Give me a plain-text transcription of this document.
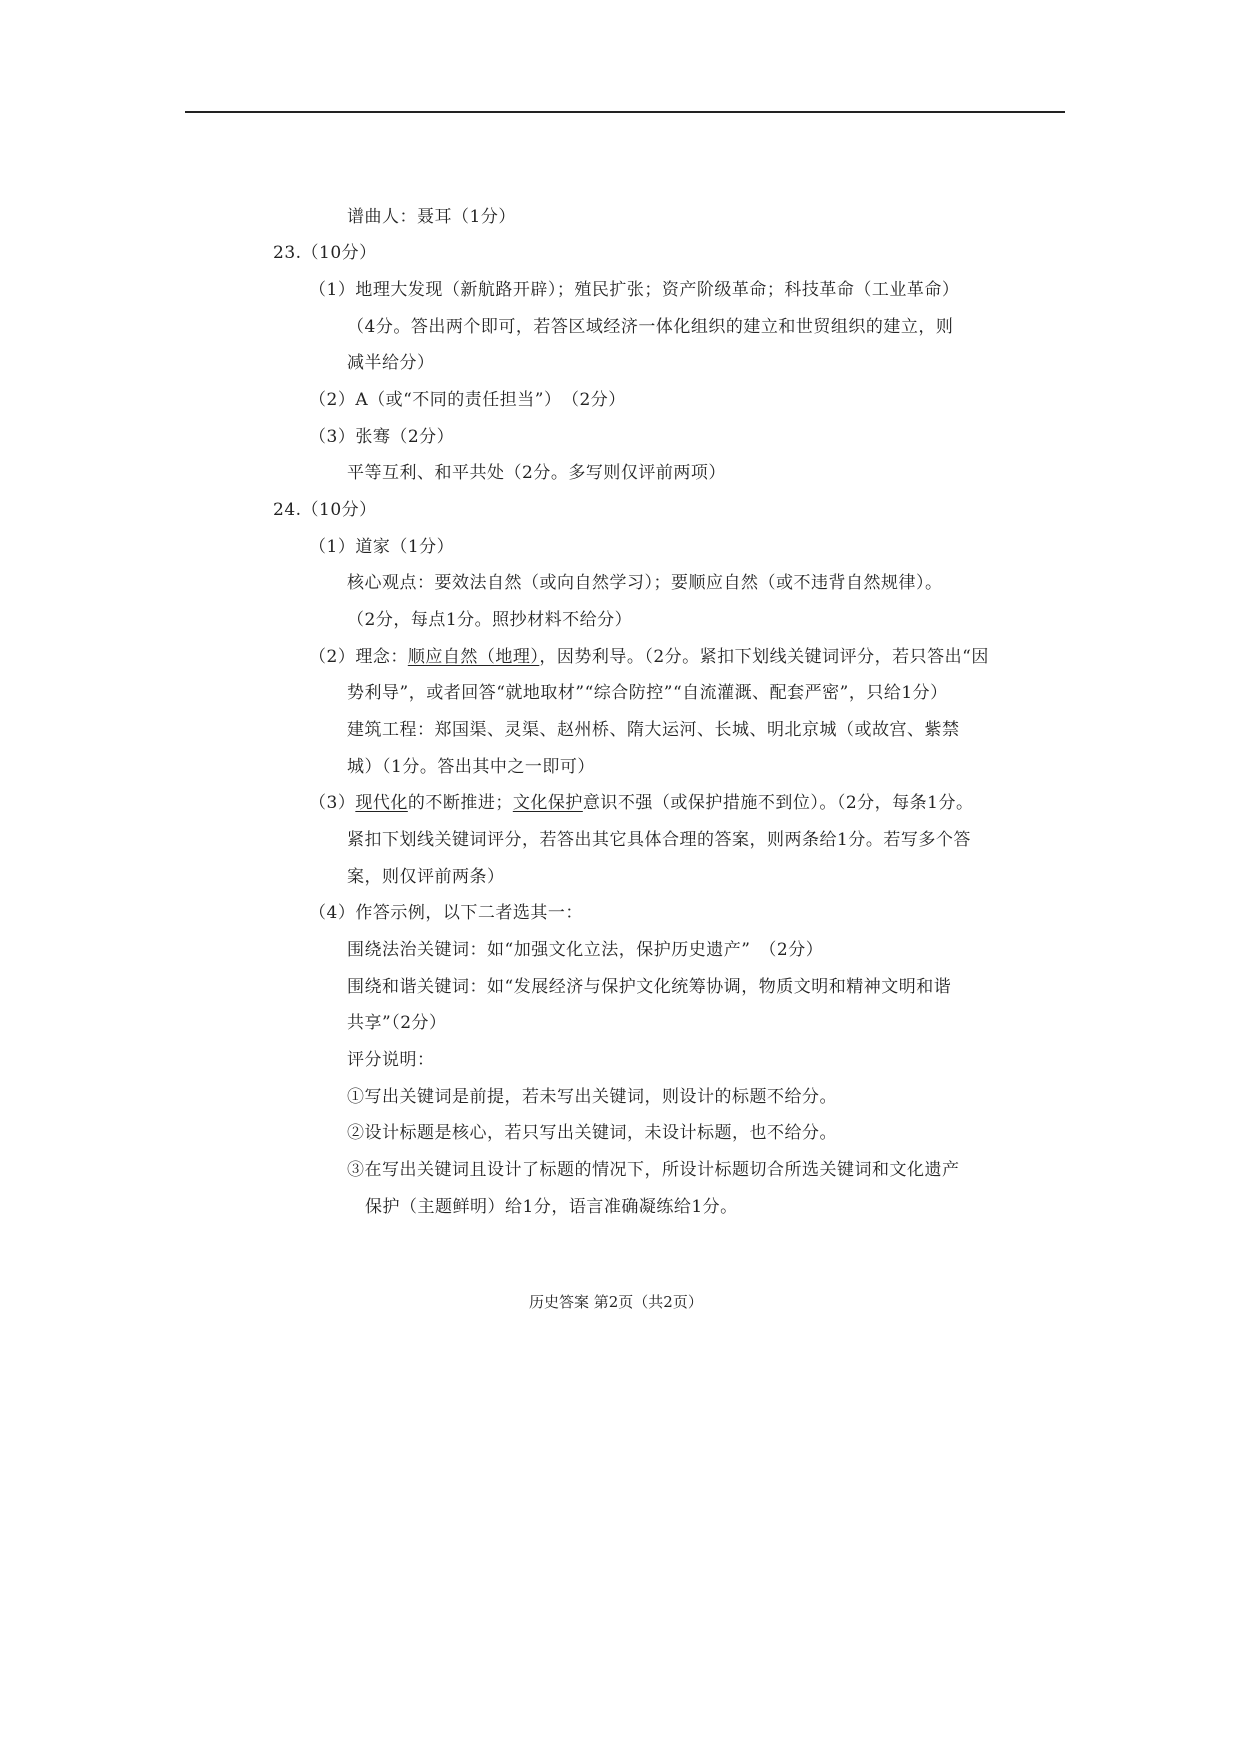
谱曲人：聂耳（1分）
23.（10分）
（1）地理大发现（新航路开辟）；殖民扩张；资产阶级革命；科技革命（工业革命）
（4分。答出两个即可，若答区域经济一体化组织的建立和世贸组织的建立，则
减半给分）
（2）A（或“不同的责任担当”）　（2分）
（3）张骞（2分）
平等互利、和平共处（2分。多写则仅评前两项）
24.（10分）
（1）道家（1分）
核心观点：要效法自然（或向自然学习）；要顺应自然（或不违背自然规律）。
（2分，每点1分。照抄材料不给分）
（2）理念：顺应自然（地理），因势利导。（2分。紧扣下划线关键词评分，若只答出“因
势利导”，或者回答“就地取材”“综合防控”“自流灌溉、配套严密”，只给1分）
建筑工程：郑国渠、灵渠、赵州桥、隋大运河、长城、明北京城（或故宫、紫禁
城）（1分。答出其中之一即可）
（3）现代化的不断推进；文化保护意识不强（或保护措施不到位）。（2分，每条1分。
紧扣下划线关键词评分，若答出其它具体合理的答案，则两条给1分。若写多个答
案，则仅评前两条）
（4）作答示例，以下二者选其一：
围绕法治关键词：如“加强文化立法，保护历史遗产”　（2分）
围绕和谐关键词：如“发展经济与保护文化统筹协调，物质文明和精神文明和谐
共享”（2分）
评分说明：
①写出关键词是前提，若未写出关键词，则设计的标题不给分。
②设计标题是核心，若只写出关键词，未设计标题，也不给分。
③在写出关键词且设计了标题的情况下，所设计标题切合所选关键词和文化遗产
保护（主题鲜明）给1分，语言准确凝练给1分。
历史答案 第2页（共2页）
